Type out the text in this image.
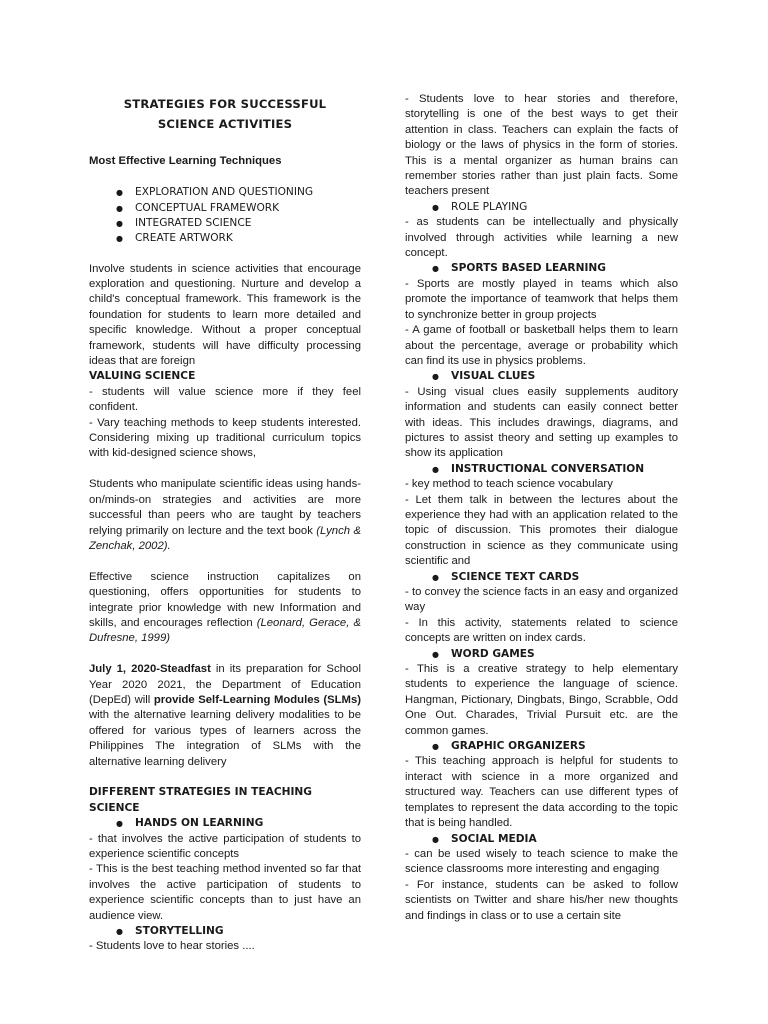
STRATEGIES FOR SUCCESSFUL
SCIENCE ACTIVITIES

Most Effective Learning Techniques

● EXPLORATION AND QUESTIONING
● CONCEPTUAL FRAMEWORK
● INTEGRATED SCIENCE
● CREATE ARTWORK

Involve students in science activities that encourage exploration and questioning. Nurture and develop a child's conceptual framework. This framework is the foundation for students to learn more detailed and specific knowledge. Without a proper conceptual framework, students will have difficulty processing ideas that are foreign

VALUING SCIENCE

- students will value science more if they feel confident.

- Vary teaching methods to keep students interested. Considering mixing up traditional curriculum topics with kid-designed science shows,

Students who manipulate scientific ideas using hands-on/minds-on strategies and activities are more successful than peers who are taught by teachers relying primarily on lecture and the text book (Lynch & Zenchak, 2002).

Effective science instruction capitalizes on questioning, offers opportunities for students to integrate prior knowledge with new Information and skills, and encourages reflection (Leonard, Gerace, & Dufresne, 1999)

July 1, 2020-Steadfast in its preparation for School Year 2020 2021, the Department of Education (DepEd) will provide Self-Learning Modules (SLMs) with the alternative learning delivery modalities to be offered for various types of learners across the Philippines The integration of SLMs with the alternative learning delivery

DIFFERENT STRATEGIES IN TEACHING SCIENCE
● HANDS ON LEARNING

- that involves the active participation of students to experience scientific concepts

- This is the best teaching method invented so far that involves the active participation of students to experience scientific concepts than to just have an audience view.

● STORYTELLING

- Students love to hear stories ....

- Students love to hear stories and therefore, storytelling is one of the best ways to get their attention in class. Teachers can explain the facts of biology or the laws of physics in the form of stories. This is a mental organizer as human brains can remember stories rather than just plain facts. Some teachers present

● ROLE PLAYING

- as students can be intellectually and physically involved through activities while learning a new concept.

● SPORTS BASED LEARNING

- Sports are mostly played in teams which also promote the importance of teamwork that helps them to synchronize better in group projects

- A game of football or basketball helps them to learn about the percentage, average or probability which can find its use in physics problems.

● VISUAL CLUES

- Using visual clues easily supplements auditory information and students can easily connect better with ideas. This includes drawings, diagrams, and pictures to assist theory and setting up examples to show its application

● INSTRUCTIONAL CONVERSATION

- key method to teach science vocabulary

- Let them talk in between the lectures about the experience they had with an application related to the topic of discussion. This promotes their dialogue construction in science as they communicate using scientific and

● SCIENCE TEXT CARDS

- to convey the science facts in an easy and organized way

- In this activity, statements related to science concepts are written on index cards.

● WORD GAMES

- This is a creative strategy to help elementary students to experience the language of science. Hangman, Pictionary, Dingbats, Bingo, Scrabble, Odd One Out. Charades, Trivial Pursuit etc. are the common games.

● GRAPHIC ORGANIZERS

- This teaching approach is helpful for students to interact with science in a more organized and structured way. Teachers can use different types of templates to represent the data according to the topic that is being handled.

● SOCIAL MEDIA

- can be used wisely to teach science to make the science classrooms more interesting and engaging

- For instance, students can be asked to follow scientists on Twitter and share his/her new thoughts and findings in class or to use a certain site
